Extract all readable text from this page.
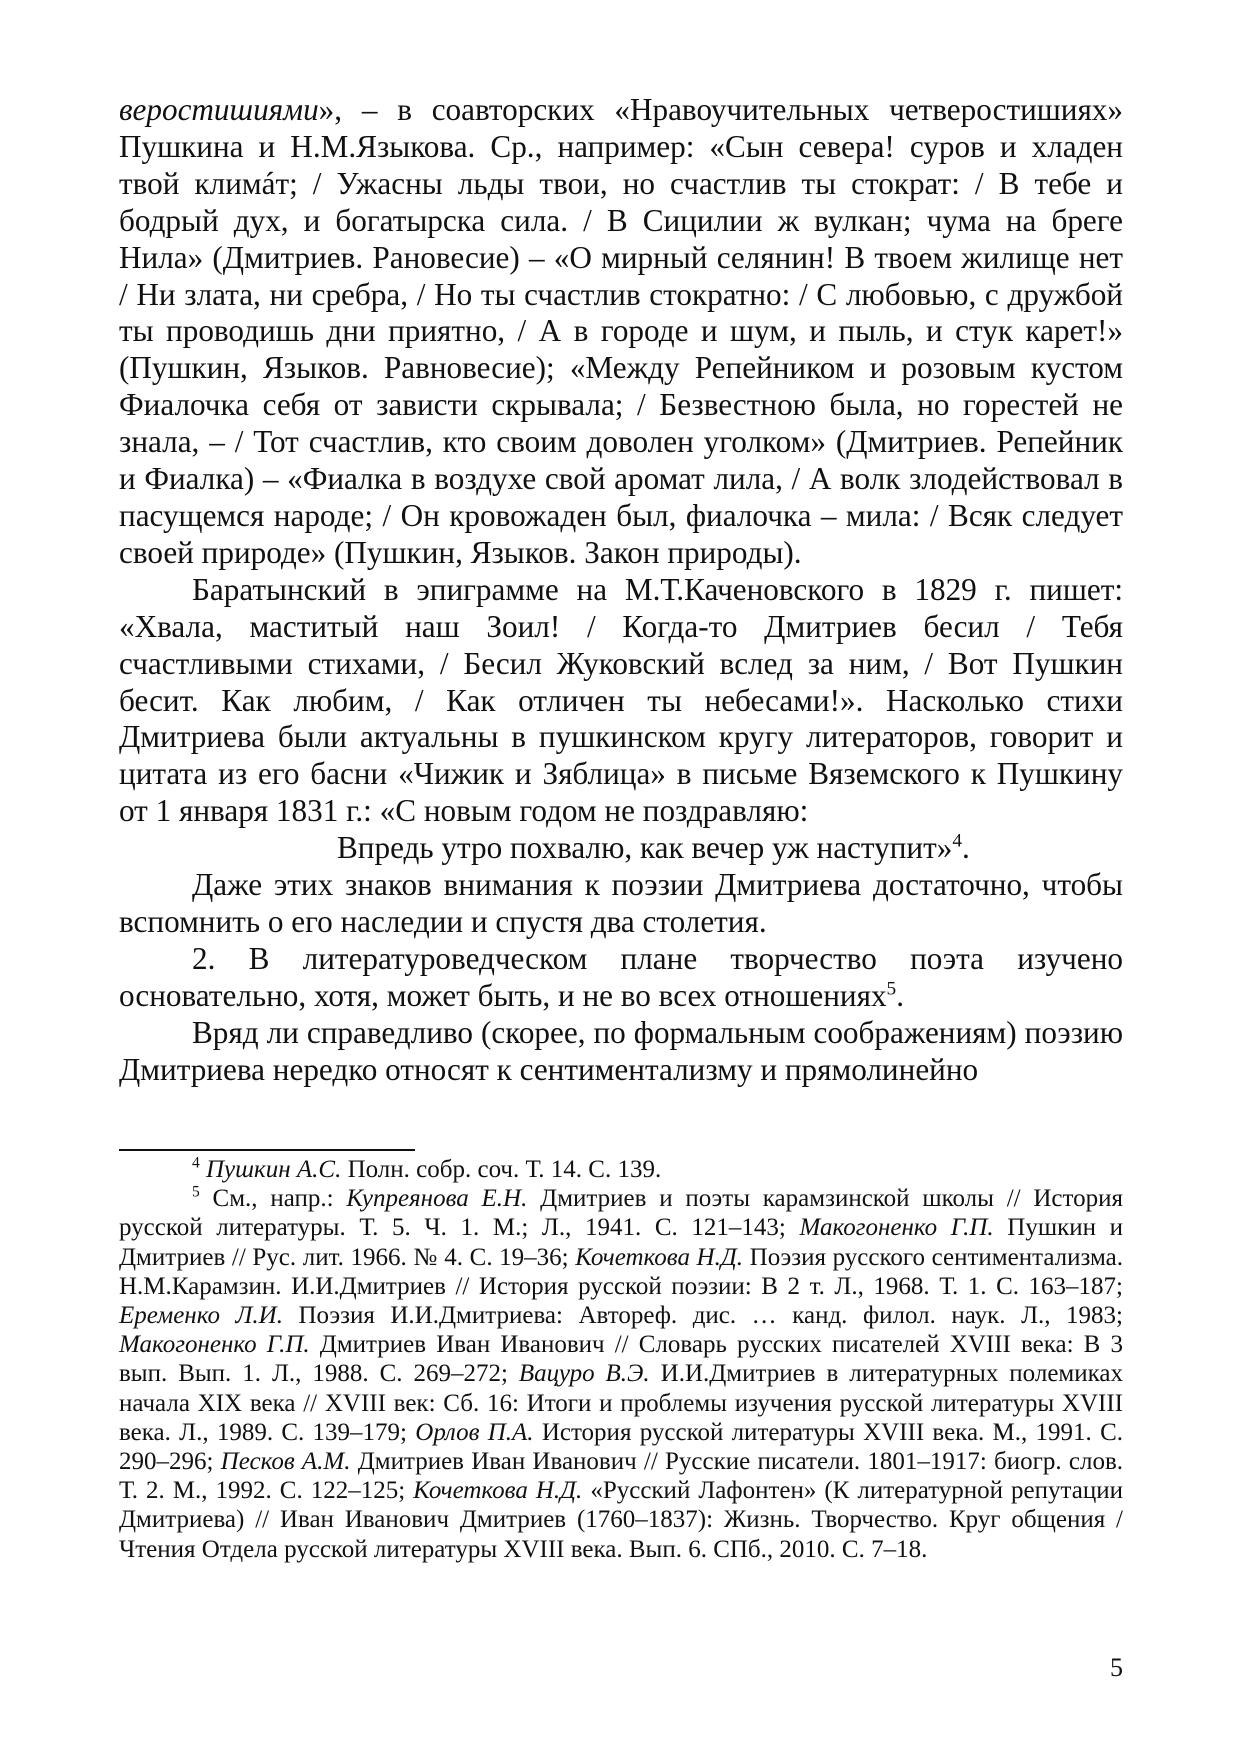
веростишиями», – в соавторских «Нравоучительных четверостишиях» Пушкина и Н.М.Языкова. Ср., например: «Сын севера! суров и хладен твой климáт; / Ужасны льды твои, но счастлив ты стократ: / В тебе и бодрый дух, и богатырска сила. / В Сицилии ж вулкан; чума на бреге Нила» (Дмитриев. Рановесие) – «О мирный селянин! В твоем жилище нет / Ни злата, ни сребра, / Но ты счастлив стократно: / С любовью, с дружбой ты проводишь дни приятно, / А в городе и шум, и пыль, и стук карет!» (Пушкин, Языков. Равновесие); «Между Репейником и розовым кустом Фиалочка себя от зависти скрывала; / Безвестною была, но горестей не знала, – / Тот счастлив, кто своим доволен уголком» (Дмитриев. Репейник и Фиалка) – «Фиалка в воздухе свой аромат лила, / А волк злодействовал в пасущемся народе; / Он кровожаден был, фиалочка – мила: / Всяк следует своей природе» (Пушкин, Языков. Закон природы).

Баратынский в эпиграмме на М.Т.Каченовского в 1829 г. пишет: «Хвала, маститый наш Зоил! / Когда-то Дмитриев бесил / Тебя счастливыми стихами, / Бесил Жуковский вслед за ним, / Вот Пушкин бесит. Как любим, / Как отличен ты небесами!». Насколько стихи Дмитриева были актуальны в пушкинском кругу литераторов, говорит и цитата из его басни «Чижик и Зяблица» в письме Вяземского к Пушкину от 1 января 1831 г.: «С новым годом не поздравляю:

Впредь утро похвалю, как вечер уж наступит»$^4$.

Даже этих знаков внимания к поэзии Дмитриева достаточно, чтобы вспомнить о его наследии и спустя два столетия.

2. В литературоведческом плане творчество поэта изучено основательно, хотя, может быть, и не во всех отношениях$^5$.

Вряд ли справедливо (скорее, по формальным соображениям) поэзию Дмитриева нередко относят к сентиментализму и прямолинейно

$^4$ Пушкин А.С. Полн. собр. соч. Т. 14. С. 139.

$^5$ См., напр.: Купреянова Е.Н. Дмитриев и поэты карамзинской школы // История русской литературы. Т. 5. Ч. 1. М.; Л., 1941. С. 121–143; Макогоненко Г.П. Пушкин и Дмитриев // Рус. лит. 1966. № 4. С. 19–36; Кочеткова Н.Д. Поэзия русского сентиментализма. Н.М.Карамзин. И.И.Дмитриев // История русской поэзии: В 2 т. Л., 1968. Т. 1. С. 163–187; Еременко Л.И. Поэзия И.И.Дмитриева: Автореф. дис. … канд. филол. наук. Л., 1983; Макогоненко Г.П. Дмитриев Иван Иванович // Словарь русских писателей XVIII века: В 3 вып. Вып. 1. Л., 1988. С. 269–272; Вацуро В.Э. И.И.Дмитриев в литературных полемиках начала XIX века // XVIII век: Сб. 16: Итоги и проблемы изучения русской литературы XVIII века. Л., 1989. С. 139–179; Орлов П.А. История русской литературы XVIII века. М., 1991. С. 290–296; Песков А.М. Дмитриев Иван Иванович // Русские писатели. 1801–1917: биогр. слов. Т. 2. М., 1992. С. 122–125; Кочеткова Н.Д. «Русский Лафонтен» (К литературной репутации Дмитриева) // Иван Иванович Дмитриев (1760–1837): Жизнь. Творчество. Круг общения / Чтения Отдела русской литературы XVIII века. Вып. 6. СПб., 2010. С. 7–18.

5
